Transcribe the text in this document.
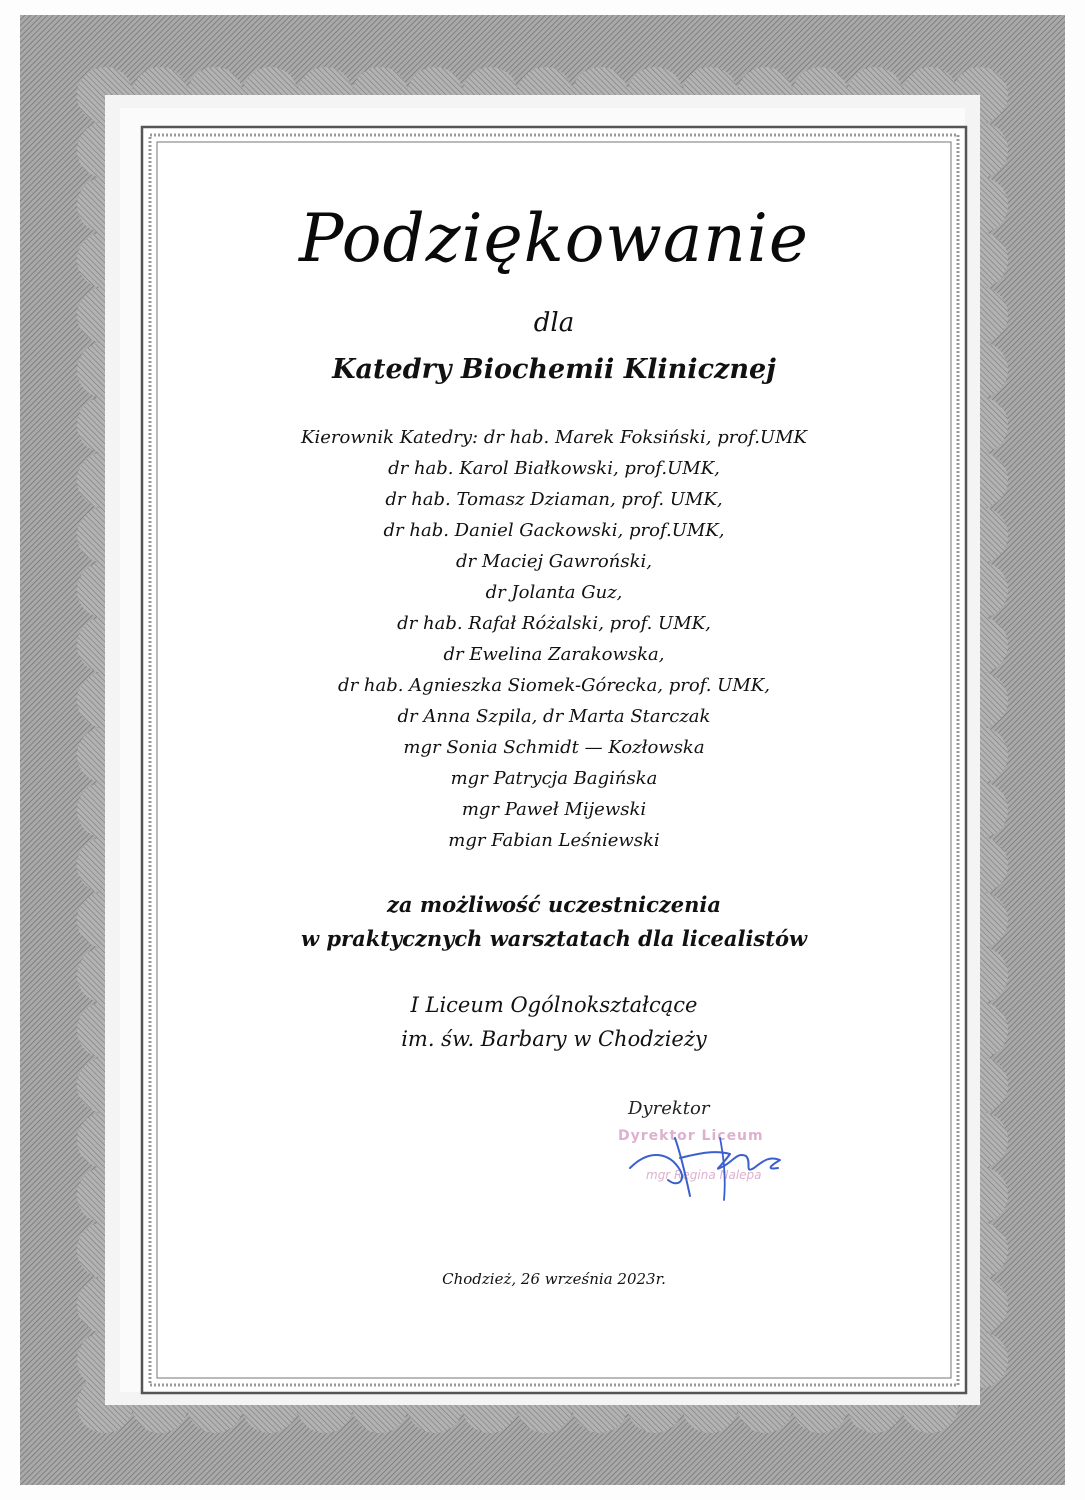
Podziękowanie
dla
Katedry Biochemii Klinicznej
Kierownik Katedry: dr hab. Marek Foksiński, prof.UMK
dr hab. Karol Białkowski, prof.UMK,
dr hab. Tomasz Dziaman, prof. UMK,
dr hab. Daniel Gackowski, prof.UMK,
dr Maciej Gawroński,
dr Jolanta Guz,
dr hab. Rafał Różalski, prof. UMK,
dr Ewelina Zarakowska,
dr hab. Agnieszka Siomek-Górecka, prof. UMK,
dr Anna Szpila, dr Marta Starczak
mgr Sonia Schmidt — Kozłowska
mgr Patrycja Bagińska
mgr Paweł Mijewski
mgr Fabian Leśniewski
za możliwość uczestniczenia
w praktycznych warsztatach dla licealistów
I Liceum Ogólnokształcące
im. św. Barbary w Chodzieży
Dyrektor
Dyrektor Liceum
mgr Regina Nalepa
Chodzież, 26 września 2023r.
